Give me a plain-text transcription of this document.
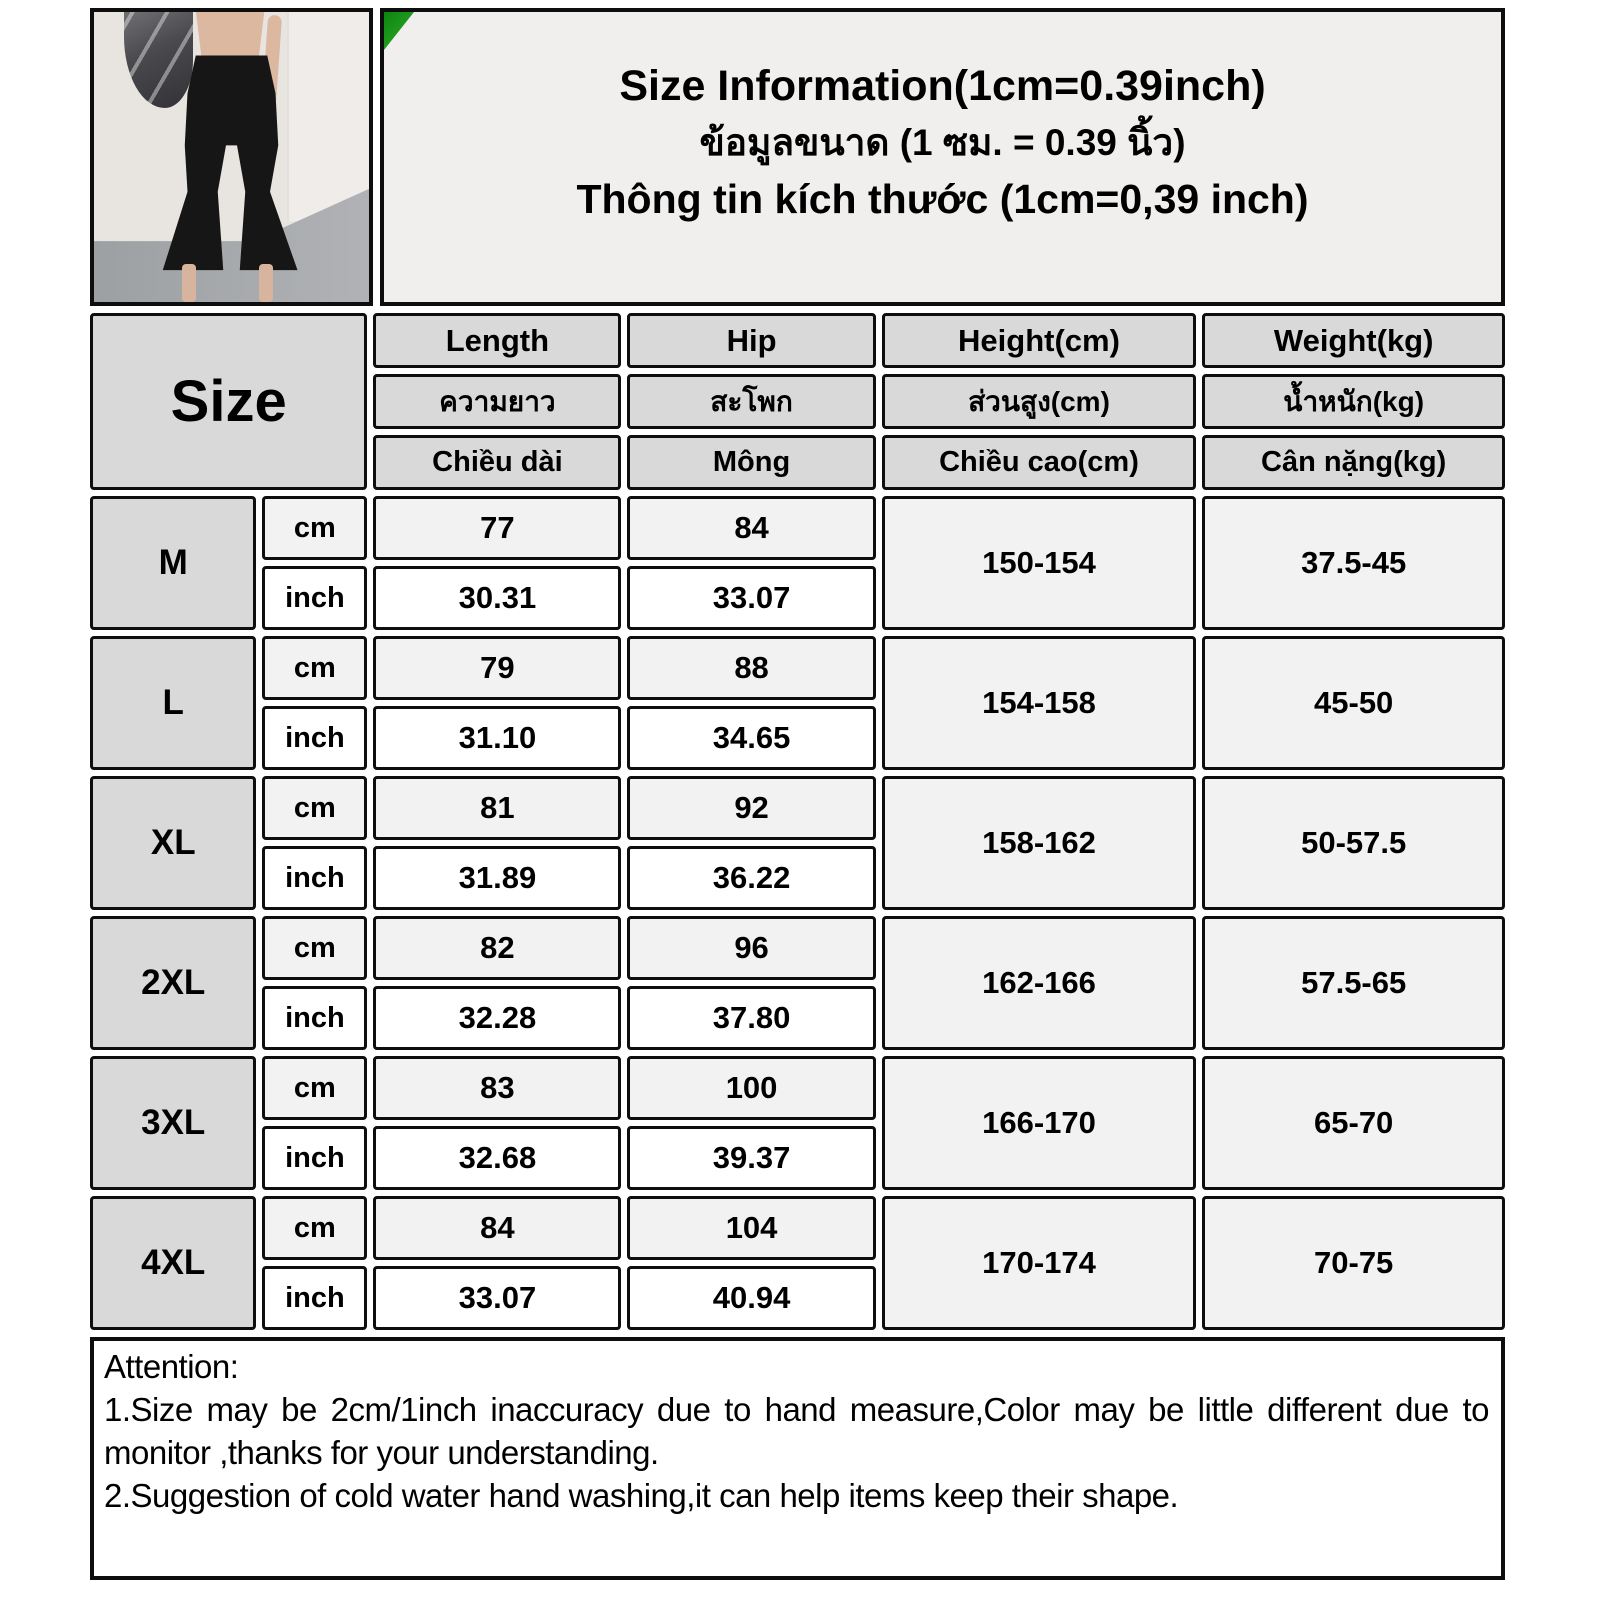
Size Information(1cm=0.39inch)
ข้อมูลขนาด (1 ซม. = 0.39 นิ้ว)
Thông tin kích thước (1cm=0,39 inch)
Size		Length	Hip	Height(cm)	Weight(kg)
		ความยาว	สะโพก	ส่วนสูง(cm)	น้ำหนัก(kg)
		Chiều dài	Mông	Chiều cao(cm)	Cân nặng(kg)
M	cm	77	84	150-154	37.5-45
	inch	30.31	33.07		
L	cm	79	88	154-158	45-50
	inch	31.10	34.65		
XL	cm	81	92	158-162	50-57.5
	inch	31.89	36.22		
2XL	cm	82	96	162-166	57.5-65
	inch	32.28	37.80		
3XL	cm	83	100	166-170	65-70
	inch	32.68	39.37		
4XL	cm	84	104	170-174	70-75
	inch	33.07	40.94		

Attention:

1.Size may be 2cm/1inch inaccuracy due to hand measure,Color may be little different due to monitor ,thanks for your understanding.

2.Suggestion of cold water hand washing,it can help items keep their shape.
